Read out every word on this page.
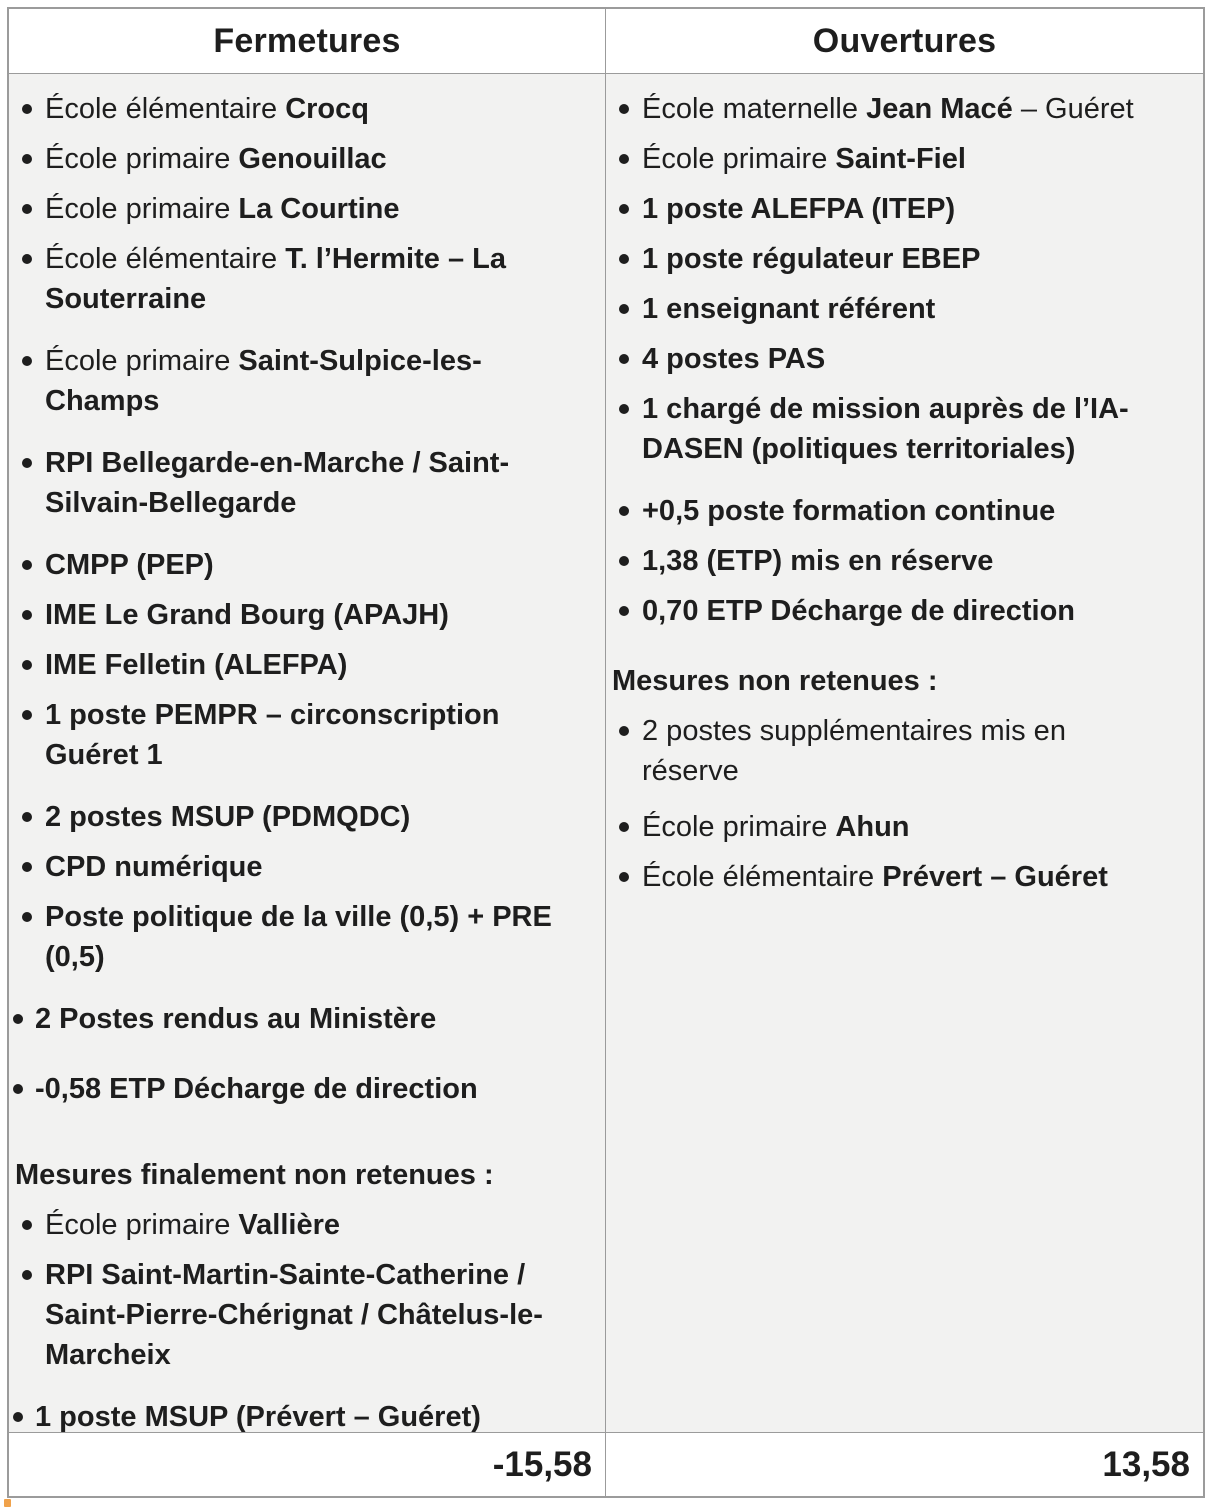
Fermetures	Ouvertures
École élémentaire Crocq
École primaire Genouillac
École primaire La Courtine
École élémentaire T. l’Hermite – La Souterraine
École primaire Saint-Sulpice-les-Champs
RPI Bellegarde-en-Marche / Saint-Silvain-Bellegarde
CMPP (PEP)
IME Le Grand Bourg (APAJH)
IME Felletin (ALEFPA)
1 poste PEMPR – circonscription Guéret 1
2 postes MSUP (PDMQDC)
CPD numérique
Poste politique de la ville (0,5) + PRE (0,5)
2 Postes rendus au Ministère
-0,58 ETP Décharge de direction
Mesures finalement non retenues :
École primaire Vallière
RPI Saint-Martin-Sainte-Catherine / Saint-Pierre-Chérignat / Châtelus-le-Marcheix
1 poste MSUP (Prévert – Guéret)
École maternelle Jean Macé – Guéret
École primaire Saint-Fiel
1 poste ALEFPA (ITEP)
1 poste régulateur EBEP
1 enseignant référent
4 postes PAS
1 chargé de mission auprès de l’IA-DASEN (politiques territoriales)
+0,5 poste formation continue
1,38 (ETP) mis en réserve
0,70 ETP Décharge de direction
Mesures non retenues :
2 postes supplémentaires mis en réserve
École primaire Ahun
École élémentaire Prévert – Guéret
-15,58	13,58
